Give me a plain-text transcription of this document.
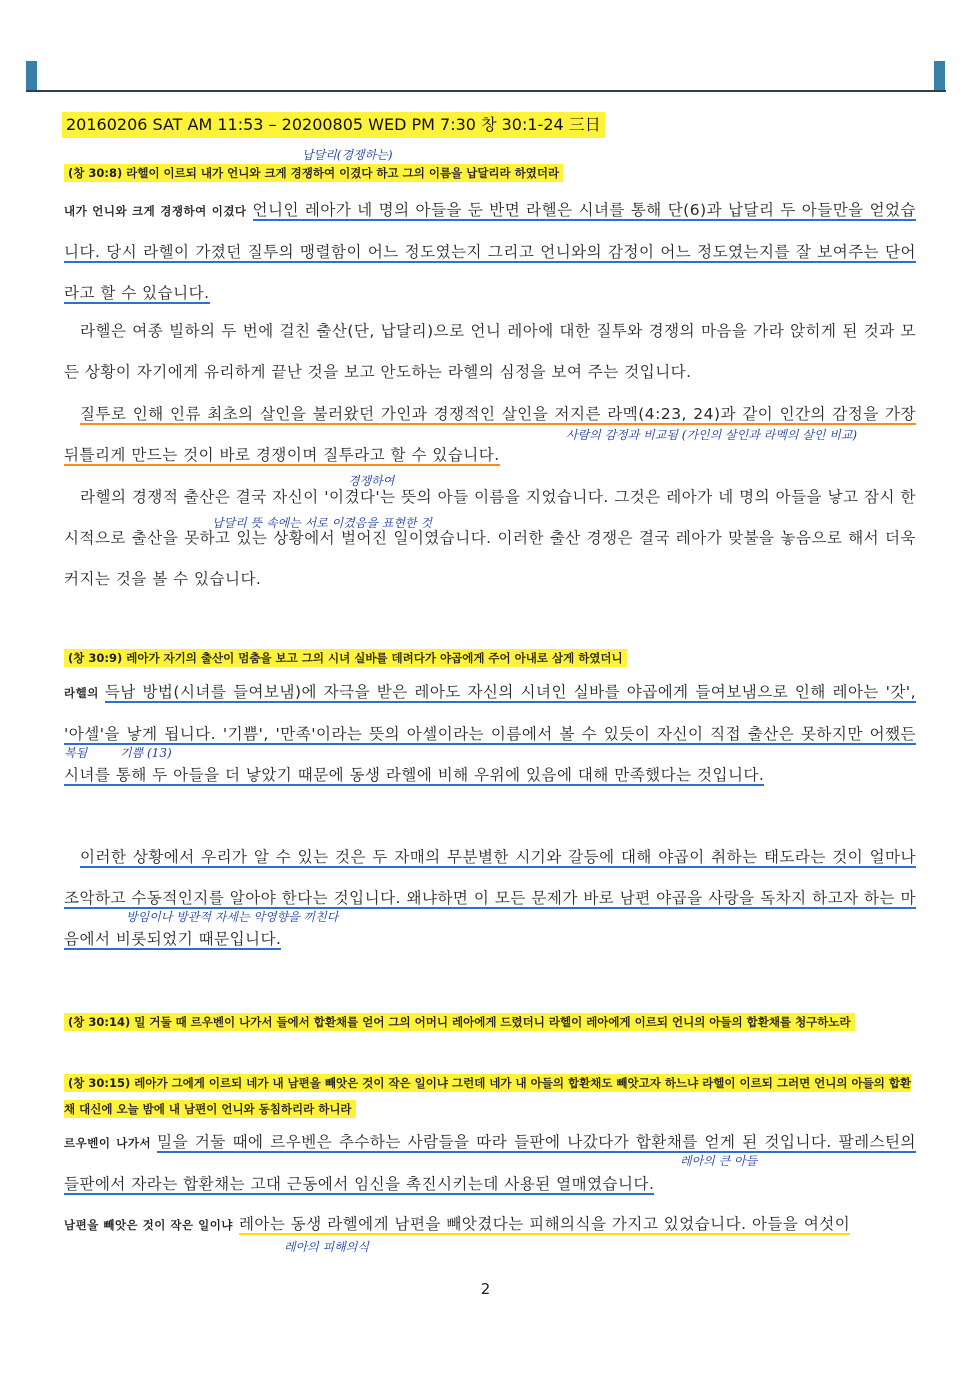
20160206 SAT AM 11:53 – 20200805 WED PM 7:30 창 30:1-24 三日
(창 30:8) 라헬이 이르되 내가 언니와 크게 경쟁하여 이겼다 하고 그의 이름을 납달리라 하였더라
납달리(경쟁하는)
내가 언니와 크게 경쟁하여 이겼다 언니인 레아가 네 명의 아들을 둔 반면 라헬은 시녀를 통해 단(6)과 납달리 두 아들만을 얻었습니다. 당시 라헬이 가졌던 질투의 맹렬함이 어느 정도였는지 그리고 언니와의 감정이 어느 정도였는지를 잘 보여주는 단어라고 할 수 있습니다.
라헬은 여종 빌하의 두 번에 걸친 출산(단, 납달리)으로 언니 레아에 대한 질투와 경쟁의 마음을 가라 앉히게 된 것과 모든 상황이 자기에게 유리하게 끝난 것을 보고 안도하는 라헬의 심정을 보여 주는 것입니다.
질투로 인해 인류 최초의 살인을 불러왔던 가인과 경쟁적인 살인을 저지른 라멕(4:23, 24)과 같이 인간의 감정을 가장 뒤틀리게 만드는 것이 바로 경쟁이며 질투라고 할 수 있습니다.
사람의 감정과 비교됨 (가인의 살인과 라멕의 살인 비교)
라헬의 경쟁적 출산은 결국 자신이 '이겼다'는 뜻의 아들 이름을 지었습니다. 그것은 레아가 네 명의 아들을 낳고 잠시 한시적으로 출산을 못하고 있는 상황에서 벌어진 일이였습니다. 이러한 출산 경쟁은 결국 레아가 맞불을 놓음으로 해서 더욱 커지는 것을 볼 수 있습니다.
경쟁하여
납달리 뜻 속에는 서로 이겼음을 표현한 것
(창 30:9) 레아가 자기의 출산이 멈춤을 보고 그의 시녀 실바를 데려다가 야곱에게 주어 아내로 삼게 하였더니
라헬의 득남 방법(시녀를 들여보냄)에 자극을 받은 레아도 자신의 시녀인 실바를 야곱에게 들여보냄으로 인해 레아는 '갓', '아셀'을 낳게 됩니다. '기쁨', '만족'이라는 뜻의 아셀이라는 이름에서 볼 수 있듯이 자신이 직접 출산은 못하지만 어쨌든 시녀를 통해 두 아들을 더 낳았기 때문에 동생 라헬에 비해 우위에 있음에 대해 만족했다는 것입니다.
복됨	기쁨 (13)
이러한 상황에서 우리가 알 수 있는 것은 두 자매의 무분별한 시기와 갈등에 대해 야곱이 취하는 태도라는 것이 얼마나 조악하고 수동적인지를 알아야 한다는 것입니다. 왜냐하면 이 모든 문제가 바로 남편 야곱을 사랑을 독차지 하고자 하는 마음에서 비롯되었기 때문입니다.
방임이나 방관적 자세는 악영향을 끼친다
(창 30:14) 밀 거둘 때 르우벤이 나가서 들에서 합환채를 얻어 그의 어머니 레아에게 드렸더니 라헬이 레아에게 이르되 언니의 아들의 합환채를 청구하노라
(창 30:15) 레아가 그에게 이르되 네가 내 남편을 빼앗은 것이 작은 일이냐 그런데 네가 내 아들의 합환채도 빼앗고자 하느냐 라헬이 이르되 그러면 언니의 아들의 합환채 대신에 오늘 밤에 내 남편이 언니와 동침하리라 하니라
르우벤이 나가서 밀을 거둘 때에 르우벤은 추수하는 사람들을 따라 들판에 나갔다가 합환채를 얻게 된 것입니다. 팔레스틴의 들판에서 자라는 합환채는 고대 근동에서 임신을 촉진시키는데 사용된 열매였습니다.
레아의 큰 아들
남편을 빼앗은 것이 작은 일이냐 레아는 동생 라헬에게 남편을 빼앗겼다는 피해의식을 가지고 있었습니다. 아들을 여섯이
레아의 피해의식
2
